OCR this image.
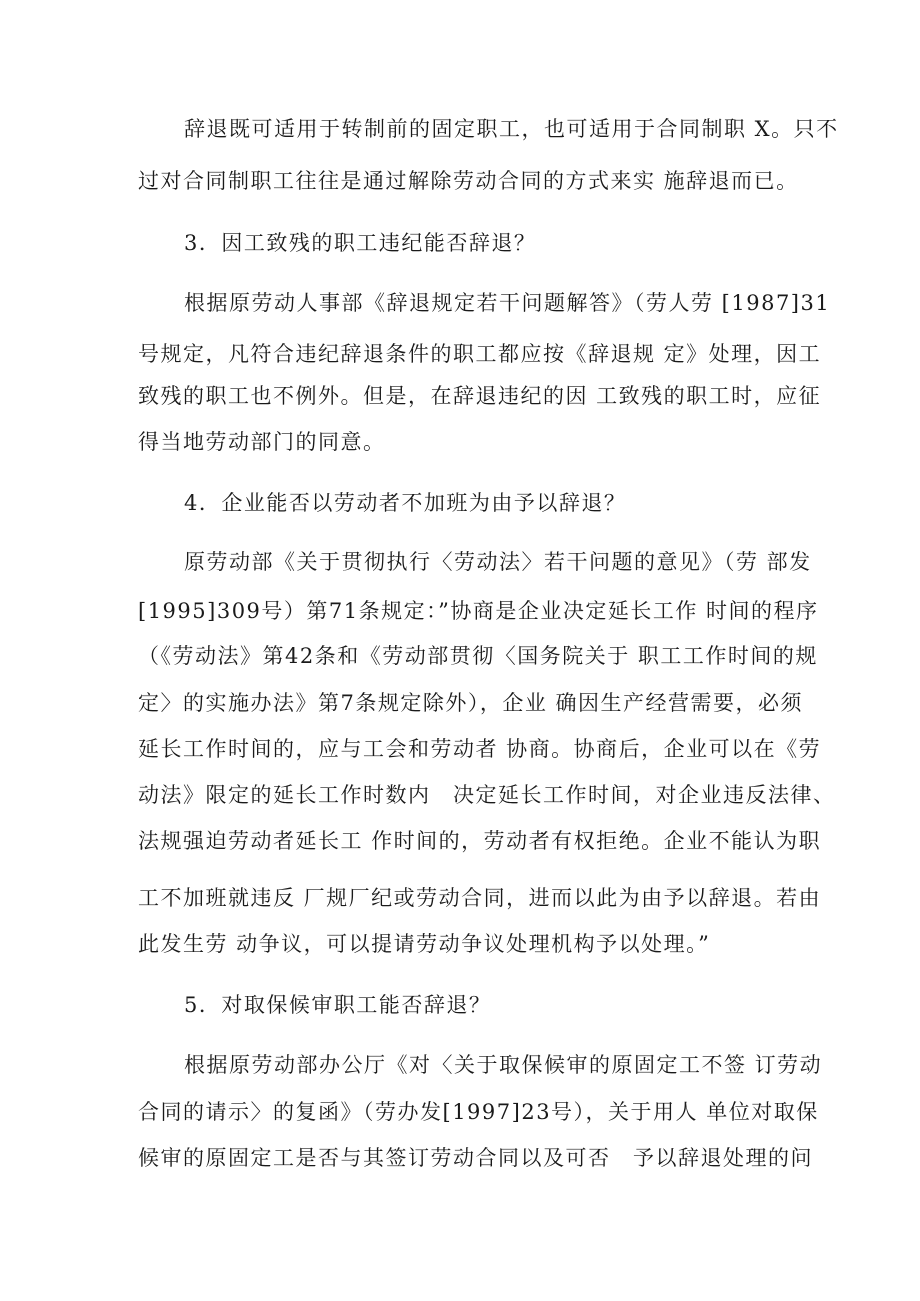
辞退既可适用于转制前的固定职工，也可适用于合同制职 X。只不
过对合同制职工往往是通过解除劳动合同的方式来实 施辞退而已。
3．因工致残的职工违纪能否辞退？
根据原劳动人事部《辞退规定若干问题解答》（劳人劳 [1987]31
号规定，凡符合违纪辞退条件的职工都应按《辞退规 定》处理，因工
致残的职工也不例外。但是，在辞退违纪的因 工致残的职工时，应征
得当地劳动部门的同意。
4．企业能否以劳动者不加班为由予以辞退？
原劳动部《关于贯彻执行〈劳动法〉若干问题的意见》（劳 部发
[1995]309号）第71条规定：”协商是企业决定延长工作 时间的程序
（《劳动法》第42条和《劳动部贯彻〈国务院关于 职工工作时间的规
定〉的实施办法》第7条规定除外），企业 确因生产经营需要，必须
延长工作时间的，应与工会和劳动者 协商。协商后，企业可以在《劳
动法》限定的延长工作时数内　决定延长工作时间，对企业违反法律、
法规强迫劳动者延长工 作时间的，劳动者有权拒绝。企业不能认为职
工不加班就违反 厂规厂纪或劳动合同，进而以此为由予以辞退。若由
此发生劳 动争议，可以提请劳动争议处理机构予以处理。”
5．对取保候审职工能否辞退？
根据原劳动部办公厅《对〈关于取保候审的原固定工不签 订劳动
合同的请示〉的复函》（劳办发[1997]23号），关于用人 单位对取保
候审的原固定工是否与其签订劳动合同以及可否　予以辞退处理的问
